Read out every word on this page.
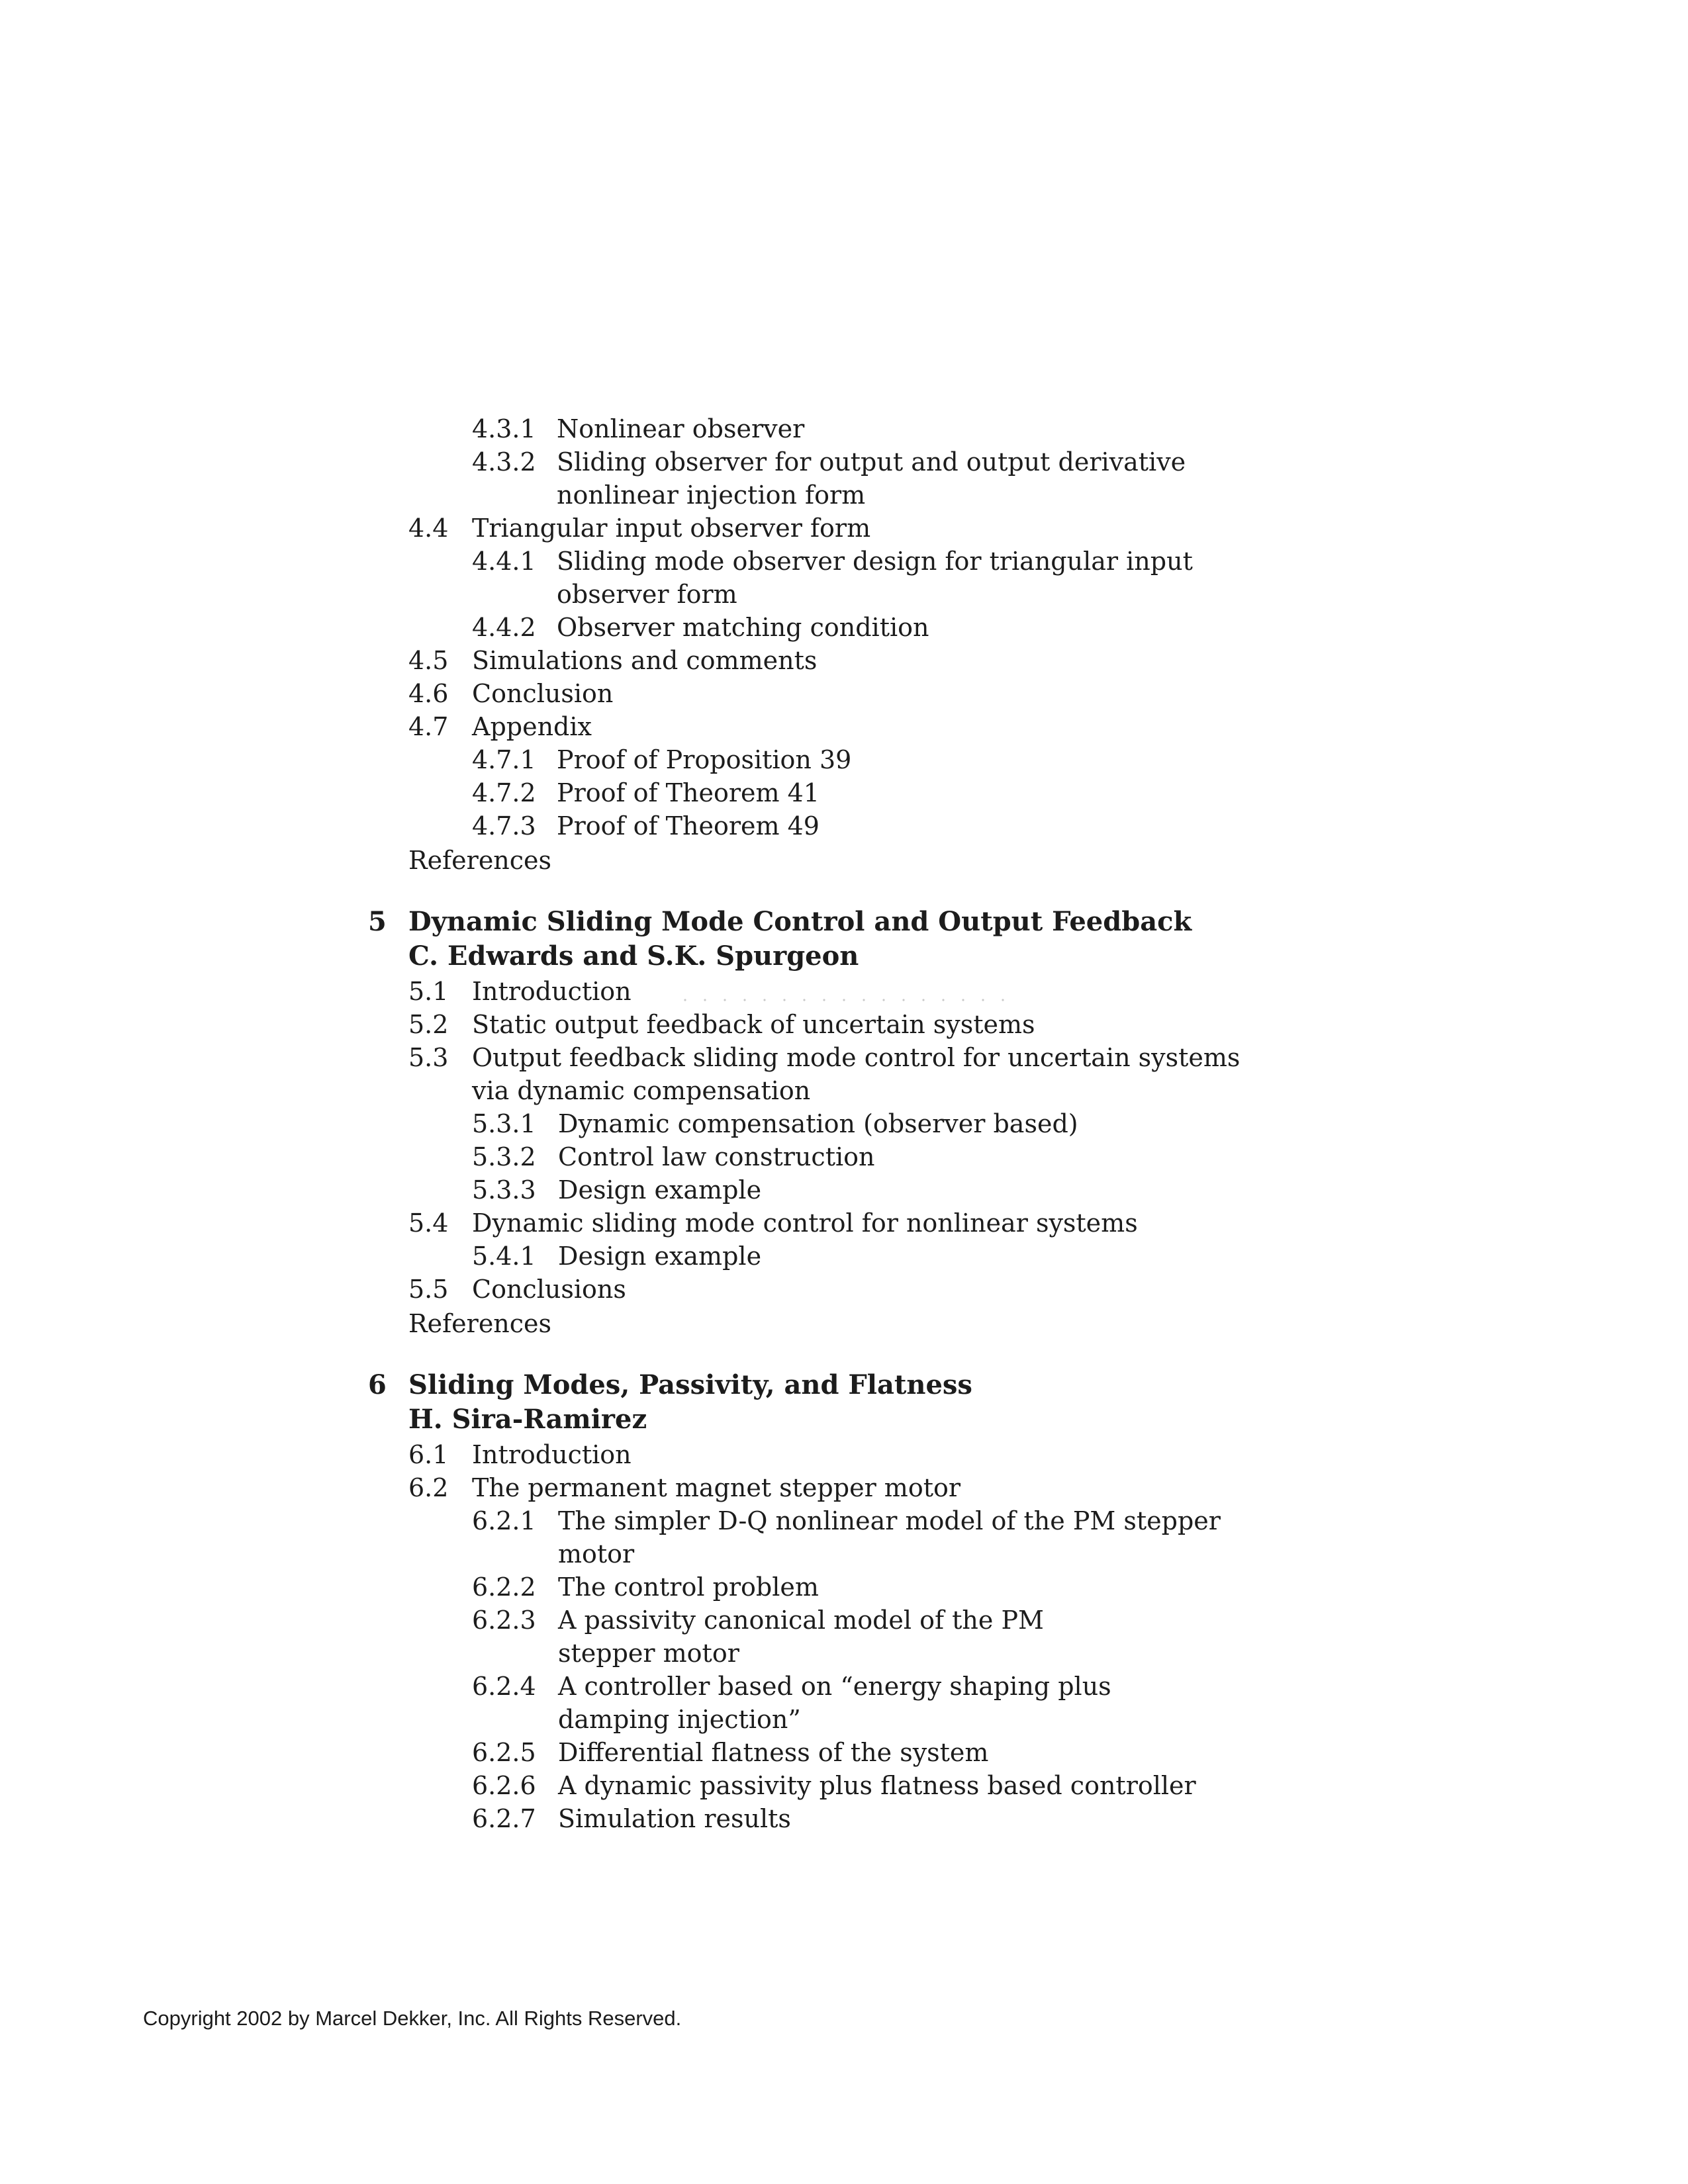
4.3.1 Nonlinear observer
4.3.2 Sliding observer for output and output derivative
nonlinear injection form
4.4 Triangular input observer form
4.4.1 Sliding mode observer design for triangular input
observer form
4.4.2 Observer matching condition
4.5 Simulations and comments
4.6 Conclusion
4.7 Appendix
4.7.1 Proof of Proposition 39
4.7.2 Proof of Theorem 41
4.7.3 Proof of Theorem 49
References
5 Dynamic Sliding Mode Control and Output Feedback
C. Edwards and S.K. Spurgeon
5.1 Introduction
5.2 Static output feedback of uncertain systems
5.3 Output feedback sliding mode control for uncertain systems
via dynamic compensation
5.3.1 Dynamic compensation (observer based)
5.3.2 Control law construction
5.3.3 Design example
5.4 Dynamic sliding mode control for nonlinear systems
5.4.1 Design example
5.5 Conclusions
References
6 Sliding Modes, Passivity, and Flatness
H. Sira-Ramirez
6.1 Introduction
6.2 The permanent magnet stepper motor
6.2.1 The simpler D-Q nonlinear model of the PM stepper
motor
6.2.2 The control problem
6.2.3 A passivity canonical model of the PM
stepper motor
6.2.4 A controller based on “energy shaping plus
damping injection”
6.2.5 Differential flatness of the system
6.2.6 A dynamic passivity plus flatness based controller
6.2.7 Simulation results
Copyright 2002 by Marcel Dekker, Inc. All Rights Reserved.
